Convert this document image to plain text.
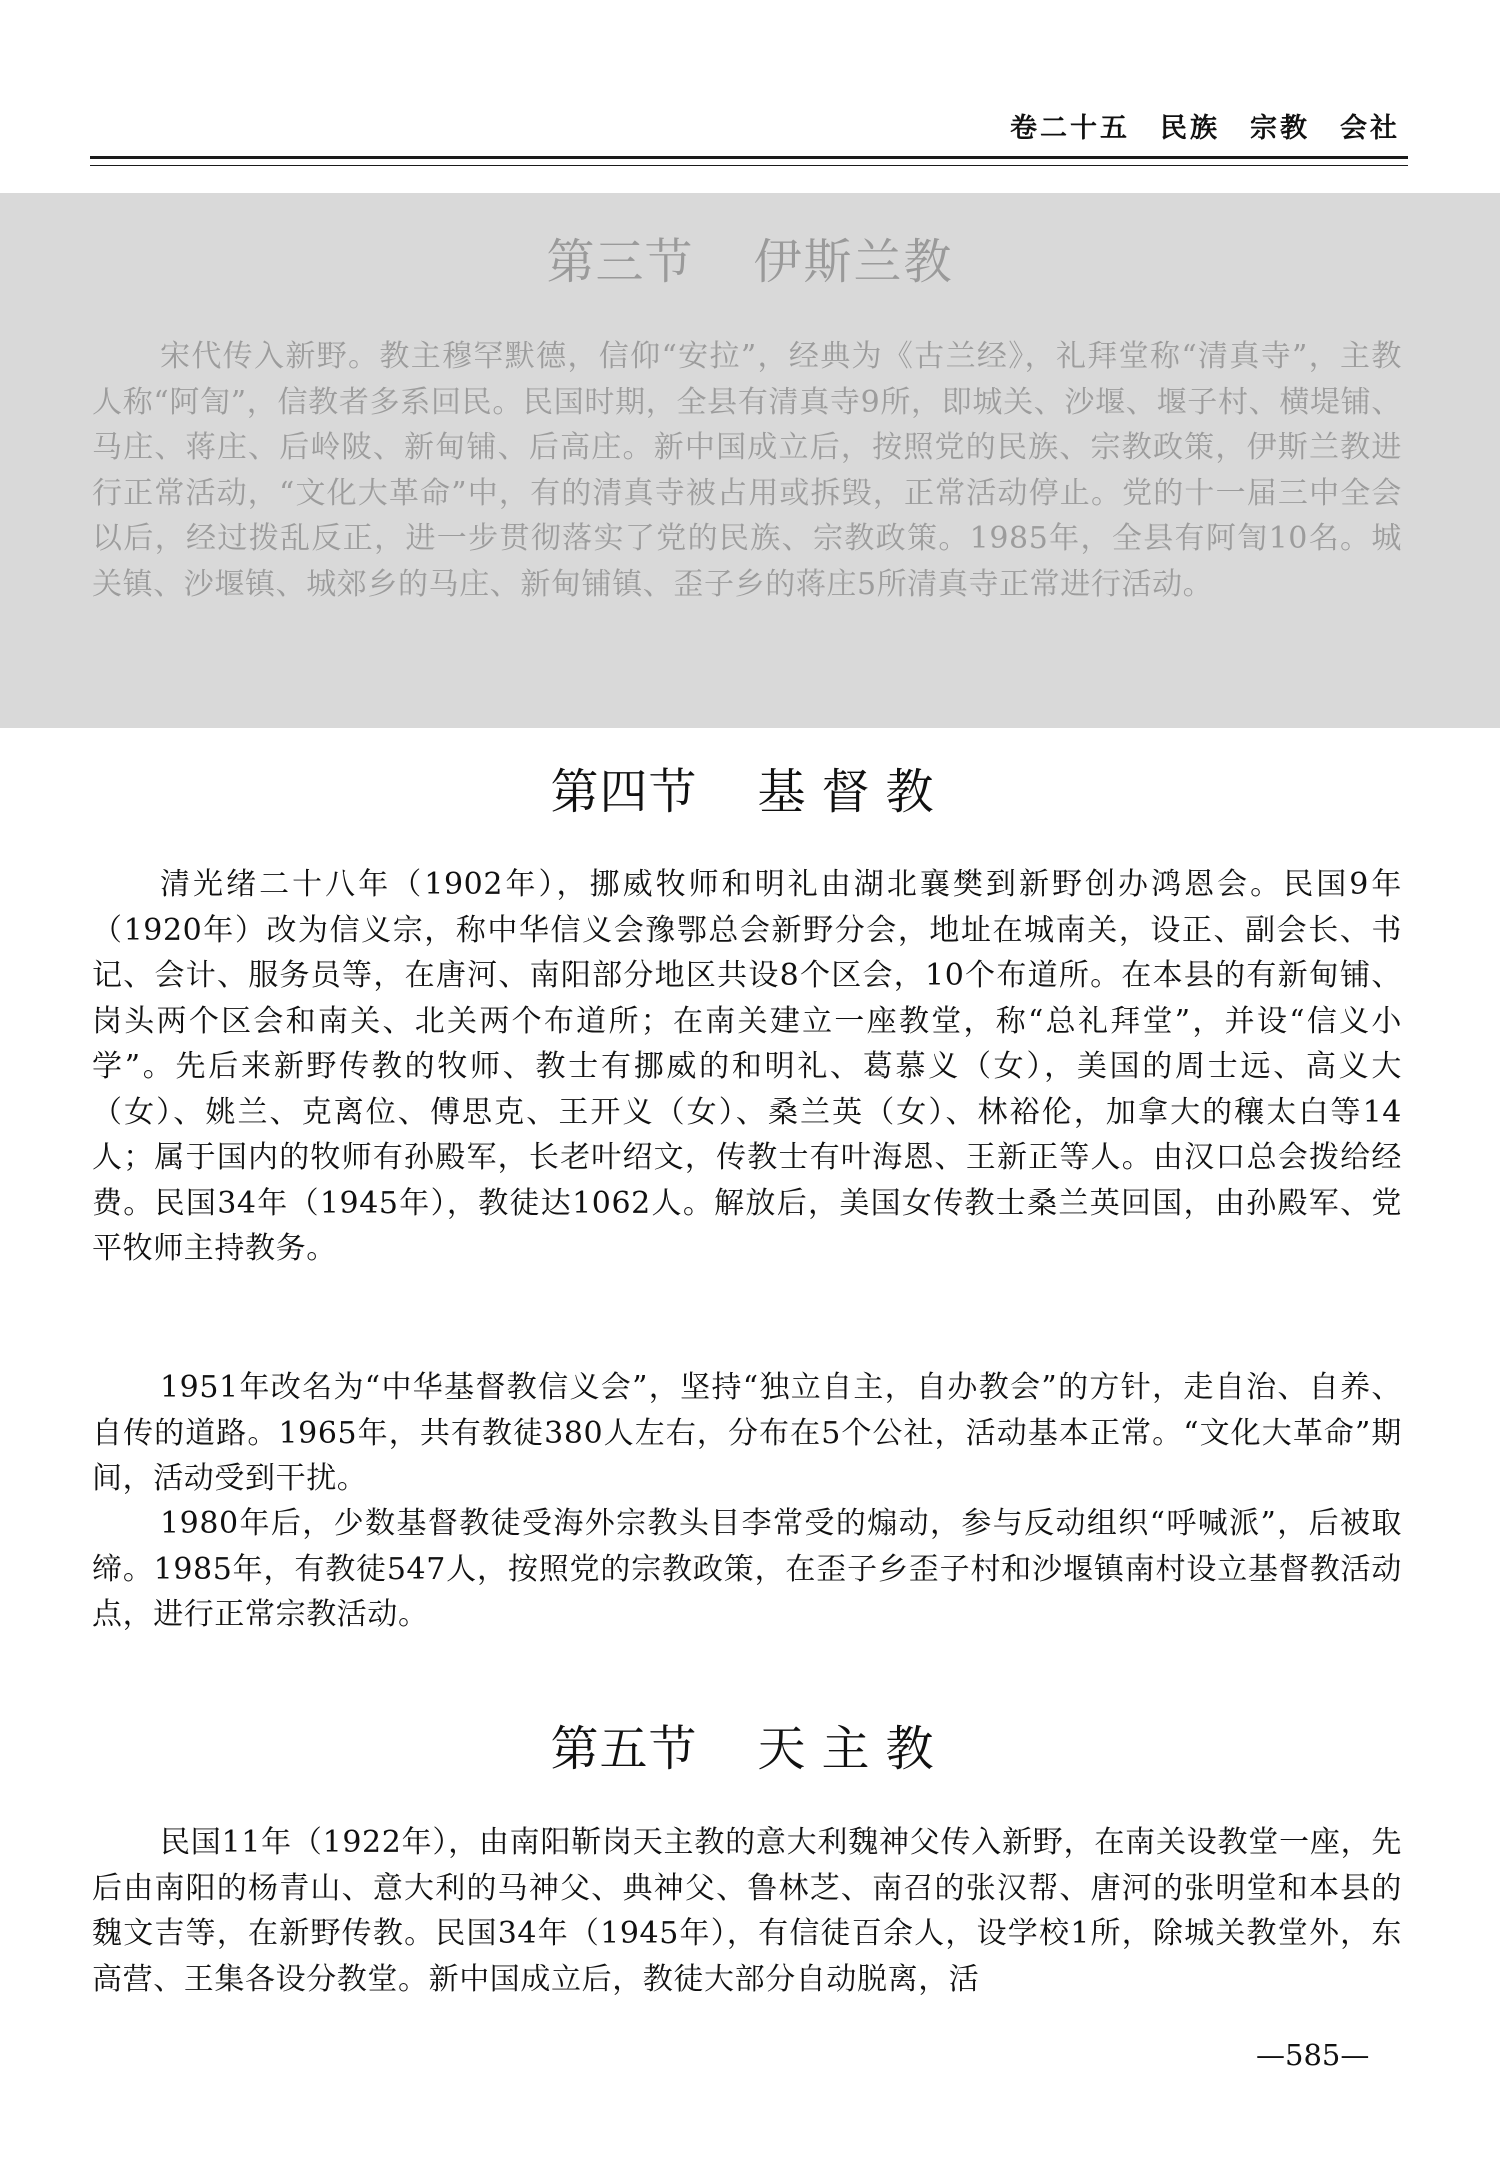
卷二十五　民族　宗教　会社
第三节 伊斯兰教

宋代传入新野。教主穆罕默德，信仰“安拉”，经典为《古兰经》，礼拜堂称“清真寺”，主教人称“阿訇”，信教者多系回民。民国时期，全县有清真寺9所，即城关、沙堰、堰子村、横堤铺、马庄、蒋庄、后岭陂、新甸铺、后高庄。新中国成立后，按照党的民族、宗教政策，伊斯兰教进行正常活动，“文化大革命”中，有的清真寺被占用或拆毁，正常活动停止。党的十一届三中全会以后，经过拨乱反正，进一步贯彻落实了党的民族、宗教政策。1985年，全县有阿訇10名。城关镇、沙堰镇、城郊乡的马庄、新甸铺镇、歪子乡的蒋庄5所清真寺正常进行活动。

第四节 基督教

清光绪二十八年（1902年），挪威牧师和明礼由湖北襄樊到新野创办鸿恩会。民国9年（1920年）改为信义宗，称中华信义会豫鄂总会新野分会，地址在城南关，设正、副会长、书记、会计、服务员等，在唐河、南阳部分地区共设8个区会，10个布道所。在本县的有新甸铺、岗头两个区会和南关、北关两个布道所；在南关建立一座教堂，称“总礼拜堂”，并设“信义小学”。先后来新野传教的牧师、教士有挪威的和明礼、葛慕义（女），美国的周士远、高义大（女）、姚兰、克离位、傅思克、王开义（女）、桑兰英（女）、林裕伦，加拿大的穰太白等14人；属于国内的牧师有孙殿军，长老叶绍文，传教士有叶海恩、王新正等人。由汉口总会拨给经费。民国34年（1945年），教徒达1062人。解放后，美国女传教士桑兰英回国，由孙殿军、党平牧师主持教务。

1951年改名为“中华基督教信义会”，坚持“独立自主，自办教会”的方针，走自治、自养、自传的道路。1965年，共有教徒380人左右，分布在5个公社，活动基本正常。“文化大革命”期间，活动受到干扰。

1980年后，少数基督教徒受海外宗教头目李常受的煽动，参与反动组织“呼喊派”，后被取缔。1985年，有教徒547人，按照党的宗教政策，在歪子乡歪子村和沙堰镇南村设立基督教活动点，进行正常宗教活动。

第五节 天主教

民国11年（1922年），由南阳靳岗天主教的意大利魏神父传入新野，在南关设教堂一座，先后由南阳的杨青山、意大利的马神父、典神父、鲁林芝、南召的张汉帮、唐河的张明堂和本县的魏文吉等，在新野传教。民国34年（1945年），有信徒百余人，设学校1所，除城关教堂外，东高营、王集各设分教堂。新中国成立后，教徒大部分自动脱离，活

—585—
